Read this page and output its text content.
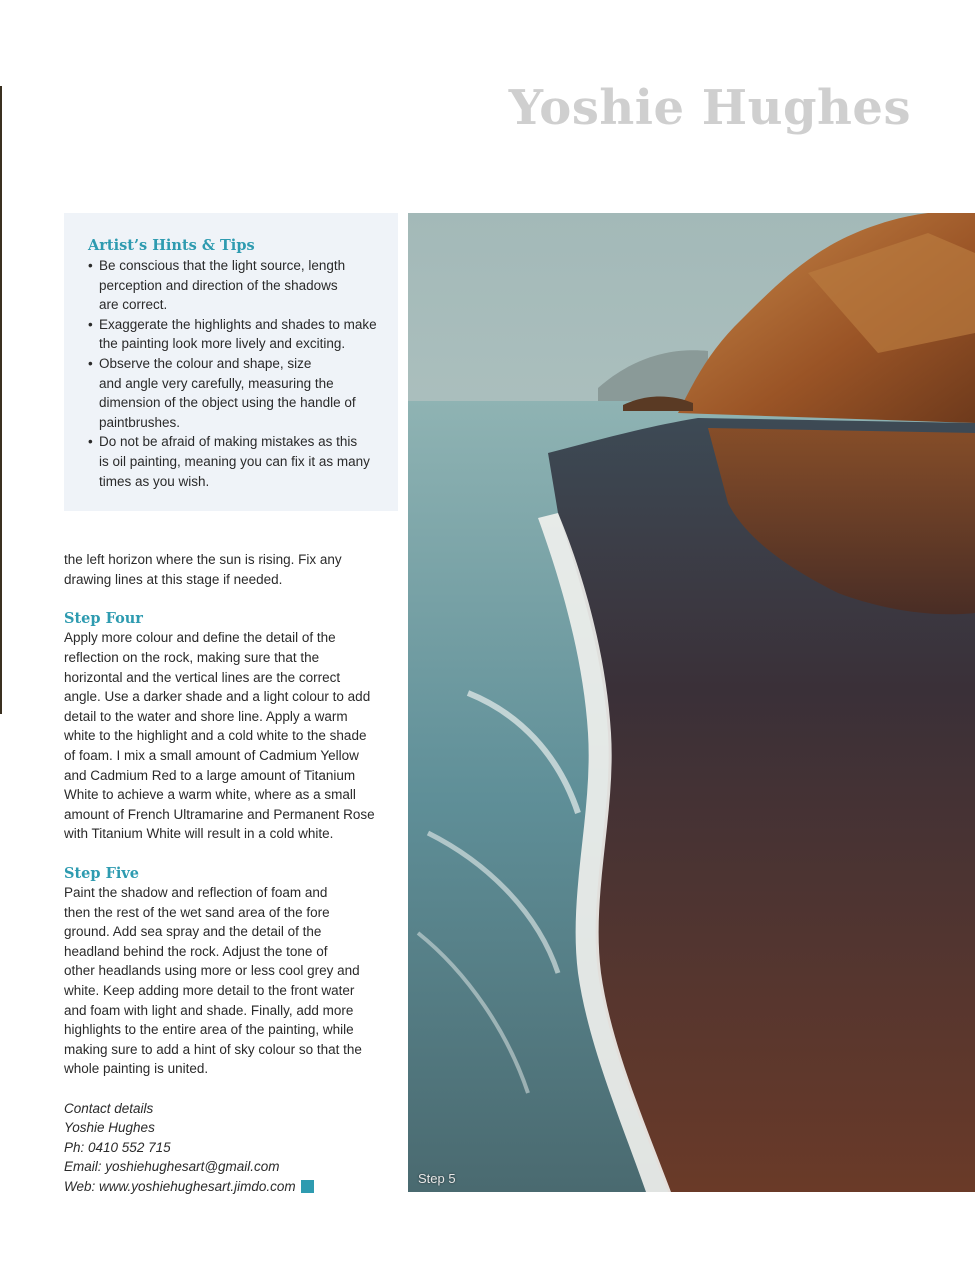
Yoshie Hughes
Artist’s Hints & Tips
• Be conscious that the light source, length
perception and direction of the shadows
are correct.
• Exaggerate the highlights and shades to make
the painting look more lively and exciting.
• Observe the colour and shape, size
and angle very carefully, measuring the
dimension of the object using the handle of
paintbrushes.
• Do not be afraid of making mistakes as this
is oil painting, meaning you can fix it as many
times as you wish.
the left horizon where the sun is rising. Fix any
drawing lines at this stage if needed.
Step Four
Apply more colour and define the detail of the
reflection on the rock, making sure that the
horizontal and the vertical lines are the correct
angle. Use a darker shade and a light colour to add
detail to the water and shore line. Apply a warm
white to the highlight and a cold white to the shade
of foam. I mix a small amount of Cadmium Yellow
and Cadmium Red to a large amount of Titanium
White to achieve a warm white, where as a small
amount of French Ultramarine and Permanent Rose
with Titanium White will result in a cold white.
Step Five
Paint the shadow and reflection of foam and
then the rest of the wet sand area of the fore
ground. Add sea spray and the detail of the
headland behind the rock. Adjust the tone of
other headlands using more or less cool grey and
white. Keep adding more detail to the front water
and foam with light and shade. Finally, add more
highlights to the entire area of the painting, while
making sure to add a hint of sky colour so that the
whole painting is united.
Contact details
Yoshie Hughes
Ph: 0410 552 715
Email: yoshiehughesart@gmail.com
Web: www.yoshiehughesart.jimdo.com
Step 5
